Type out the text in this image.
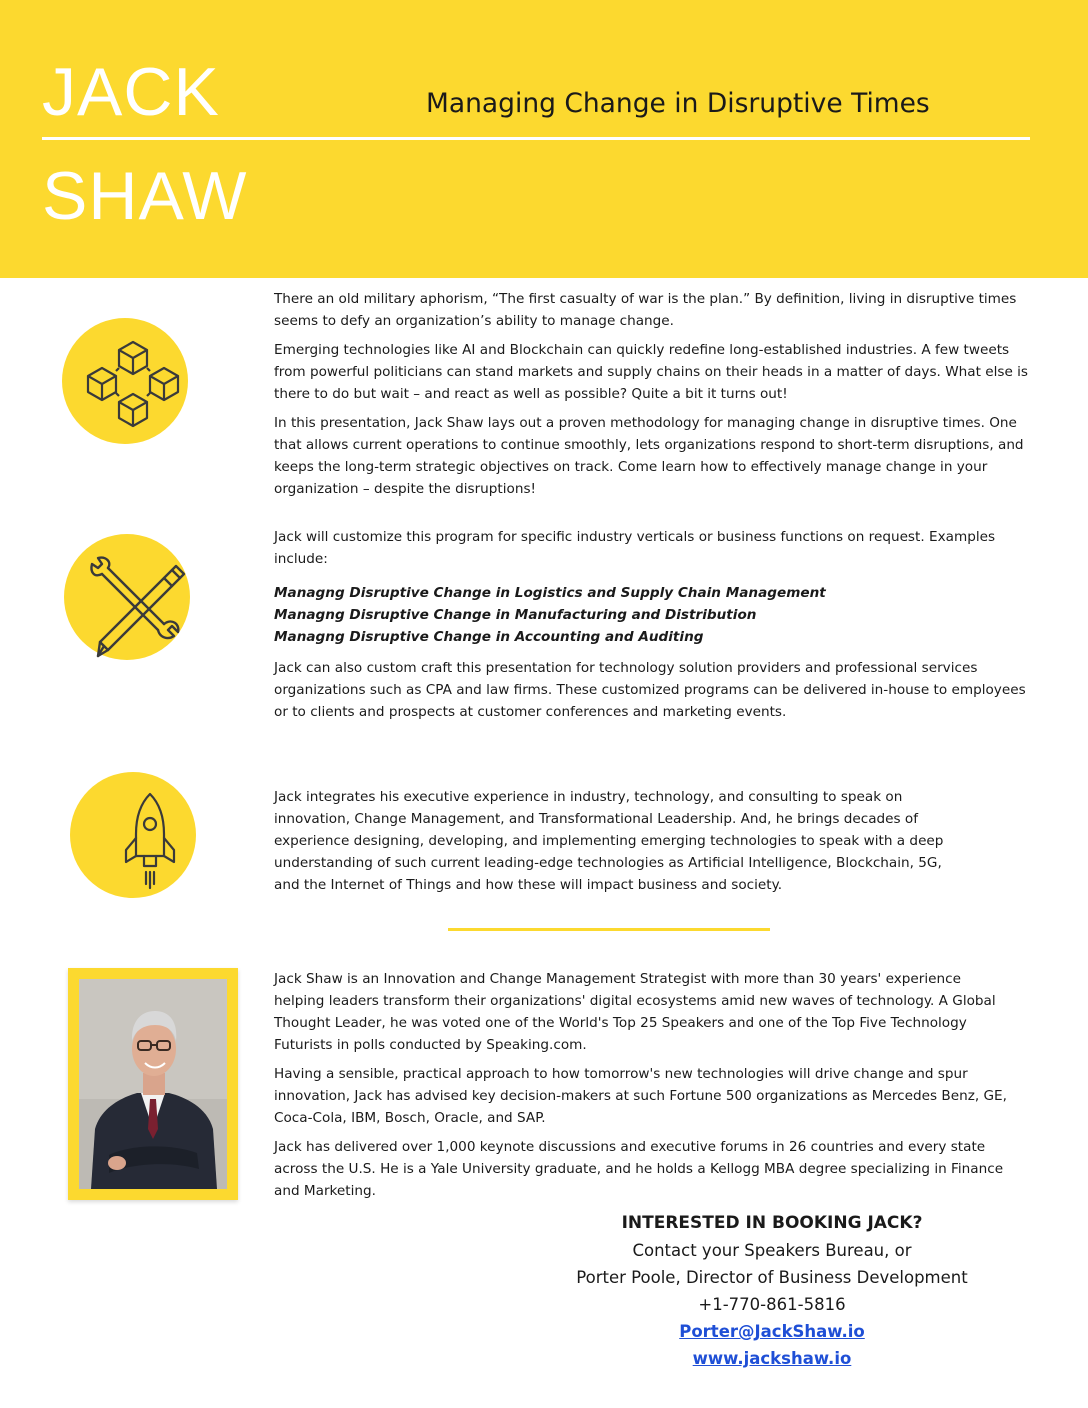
JACK
SHAW
Managing Change in Disruptive Times

There an old military aphorism, “The first casualty of war is the plan.” By definition, living in disruptive times seems to defy an organization’s ability to manage change.

Emerging technologies like AI and Blockchain can quickly redefine long-established industries. A few tweets from powerful politicians can stand markets and supply chains on their heads in a matter of days. What else is there to do but wait – and react as well as possible? Quite a bit it turns out!

In this presentation, Jack Shaw lays out a proven methodology for managing change in disruptive times. One that allows current operations to continue smoothly, lets organizations respond to short-term disruptions, and keeps the long-term strategic objectives on track. Come learn how to effectively manage change in your organization – despite the disruptions!

Jack will customize this program for specific industry verticals or business functions on request. Examples include:

Managng Disruptive Change in Logistics and Supply Chain Management
Managng Disruptive Change in Manufacturing and Distribution
Managng Disruptive Change in Accounting and Auditing

Jack can also custom craft this presentation for technology solution providers and professional services organizations such as CPA and law firms. These customized programs can be delivered in-house to employees or to clients and prospects at customer conferences and marketing events.

Jack integrates his executive experience in industry, technology, and consulting to speak on innovation, Change Management, and Transformational Leadership. And, he brings decades of experience designing, developing, and implementing emerging technologies to speak with a deep understanding of such current leading-edge technologies as Artificial Intelligence, Blockchain, 5G, and the Internet of Things and how these will impact business and society.

Jack Shaw is an Innovation and Change Management Strategist with more than 30 years' experience helping leaders transform their organizations' digital ecosystems amid new waves of technology. A Global Thought Leader, he was voted one of the World's Top 25 Speakers and one of the Top Five Technology Futurists in polls conducted by Speaking.com.

Having a sensible, practical approach to how tomorrow's new technologies will drive change and spur innovation, Jack has advised key decision-makers at such Fortune 500 organizations as Mercedes Benz, GE, Coca-Cola, IBM, Bosch, Oracle, and SAP.

Jack has delivered over 1,000 keynote discussions and executive forums in 26 countries and every state across the U.S. He is a Yale University graduate, and he holds a Kellogg MBA degree specializing in Finance and Marketing.

INTERESTED IN BOOKING JACK?
Contact your Speakers Bureau, or
Porter Poole, Director of Business Development
+1-770-861-5816
Porter@JackShaw.io
www.jackshaw.io
